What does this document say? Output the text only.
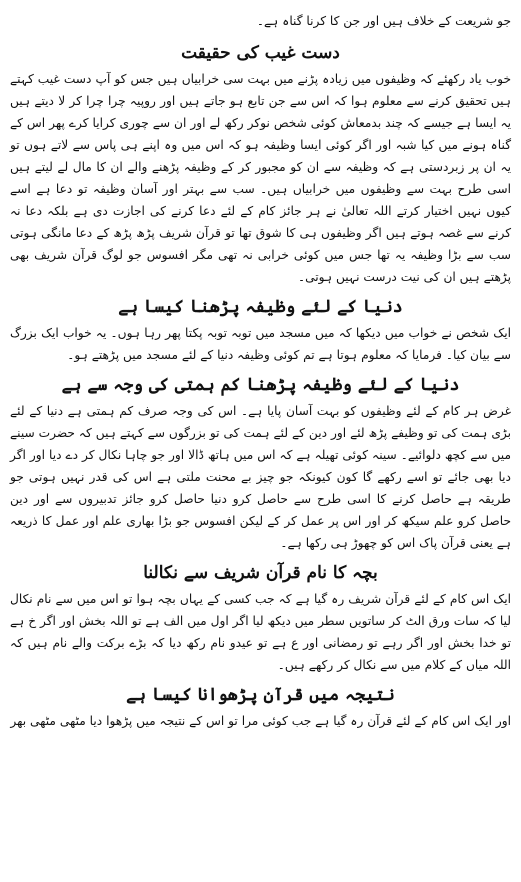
جو شریعت کے خلاف ہیں اور جن کا کرنا گناہ ہے۔

دست غیب کی حقیقت

خوب یاد رکھئے کہ وظیفوں میں زیادہ پڑنے میں بہت سی خرابیاں ہیں جس کو آپ دست غیب کہتے ہیں تحقیق کرنے سے معلوم ہوا کہ اس سے جن تابع ہو جاتے ہیں اور روپیہ چرا چرا کر لا دیتے ہیں یہ ایسا ہے جیسے کہ چند بدمعاش کوئی شخص نوکر رکھ لے اور ان سے چوری کرایا کرے پھر اس کے گناہ ہونے میں کیا شبہ اور اگر کوئی ایسا وظیفہ ہو کہ اس میں وہ اپنے ہی پاس سے لاتے ہوں تو یہ ان پر زبردستی ہے کہ وظیفہ سے ان کو مجبور کر کے وظیفہ پڑھنے والے ان کا مال لے لیتے ہیں اسی طرح بہت سے وظیفوں میں خرابیاں ہیں۔ سب سے بہتر اور آسان وظیفہ تو دعا ہے اسے کیوں نہیں اختیار کرتے اللہ تعالیٰ نے ہر جائز کام کے لئے دعا کرنے کی اجازت دی ہے بلکہ دعا نہ کرنے سے غصہ ہوتے ہیں اگر وظیفوں ہی کا شوق تھا تو قرآن شریف پڑھ پڑھ کے دعا مانگی ہوتی سب سے بڑا وظیفہ یہ تھا جس میں کوئی خرابی نہ تھی مگر افسوس جو لوگ قرآن شریف بھی پڑھتے ہیں ان کی نیت درست نہیں ہوتی۔

دنیا کے لئے وظیفہ پڑھنا کیسا ہے

ایک شخص نے خواب میں دیکھا کہ میں مسجد میں توبہ توبہ پکتا پھر رہا ہوں۔ یہ خواب ایک بزرگ سے بیان کیا۔ فرمایا کہ معلوم ہوتا ہے تم کوئی وظیفہ دنیا کے لئے مسجد میں پڑھتے ہو۔

دنیا کے لئے وظیفہ پڑھنا کم ہمتی کی وجہ سے ہے

غرض ہر کام کے لئے وظیفوں کو بہت آسان پایا ہے۔ اس کی وجہ صرف کم ہمتی ہے دنیا کے لئے بڑی ہمت کی تو وظیفے پڑھ لئے اور دین کے لئے ہمت کی تو بزرگوں سے کہتے ہیں کہ حضرت سینے میں سے کچھ دلوائیے۔ سینہ کوئی تھیلہ ہے کہ اس میں ہاتھ ڈالا اور جو چاہا نکال کر دے دیا اور اگر دیا بھی جائے تو اسے رکھے گا کون کیونکہ جو چیز بے محنت ملتی ہے اس کی قدر نہیں ہوتی جو طریقہ ہے حاصل کرنے کا اسی طرح سے حاصل کرو دنیا حاصل کرو جائز تدبیروں سے اور دین حاصل کرو علم سیکھ کر اور اس پر عمل کر کے لیکن افسوس جو بڑا بھاری علم اور عمل کا ذریعہ ہے یعنی قرآن پاک اس کو چھوڑ ہی رکھا ہے۔

بچہ کا نام قرآن شریف سے نکالنا

ایک اس کام کے لئے قرآن شریف رہ گیا ہے کہ جب کسی کے یہاں بچہ ہوا تو اس میں سے نام نکال لیا کہ سات ورق الٹ کر ساتویں سطر میں دیکھ لیا اگر اول میں الف ہے تو اللہ بخش اور اگر خ ہے تو خدا بخش اور اگر رہے تو رمضانی اور ع ہے تو عیدو نام رکھ دیا کہ بڑے برکت والے نام ہیں کہ اللہ میاں کے کلام میں سے نکال کر رکھے ہیں۔

نتیجہ میں قرآن پڑھوانا کیسا ہے

اور ایک اس کام کے لئے قرآن رہ گیا ہے جب کوئی مرا تو اس کے نتیجہ میں پڑھوا دیا مٹھی مٹھی بھر
